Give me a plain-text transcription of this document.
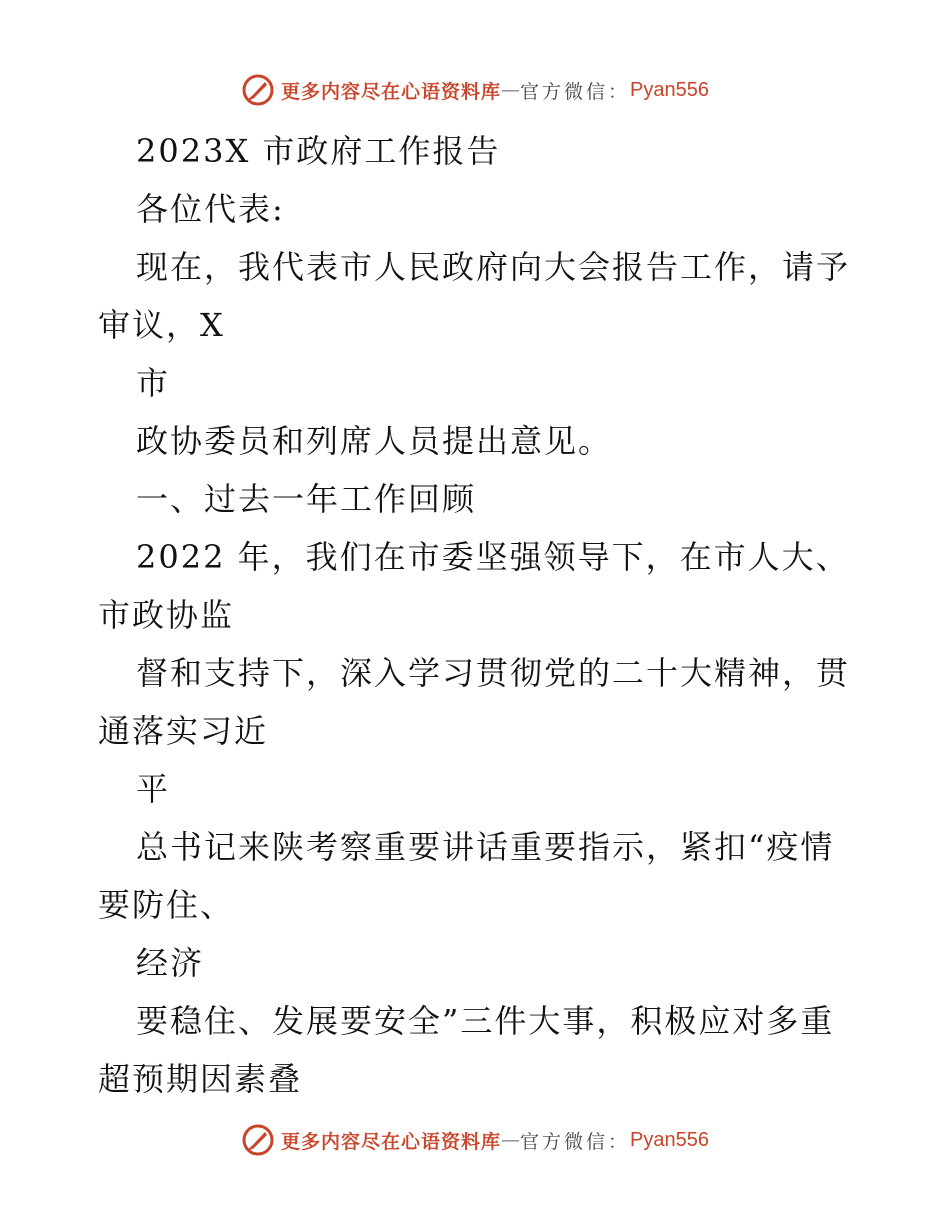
更多内容尽在心语资料库 — 官方微信： Pyan556
2023X 市政府工作报告
各位代表:
现在，我代表市人民政府向大会报告工作，请予
审议，X
市
政协委员和列席人员提出意见。
一、过去一年工作回顾
2022 年，我们在市委坚强领导下，在市人大、
市政协监
督和支持下，深入学习贯彻党的二十大精神，贯
通落实习近
平
总书记来陕考察重要讲话重要指示，紧扣“疫情
要防住、
经济
要稳住、发展要安全”三件大事，积极应对多重
超预期因素叠
更多内容尽在心语资料库 — 官方微信： Pyan556
